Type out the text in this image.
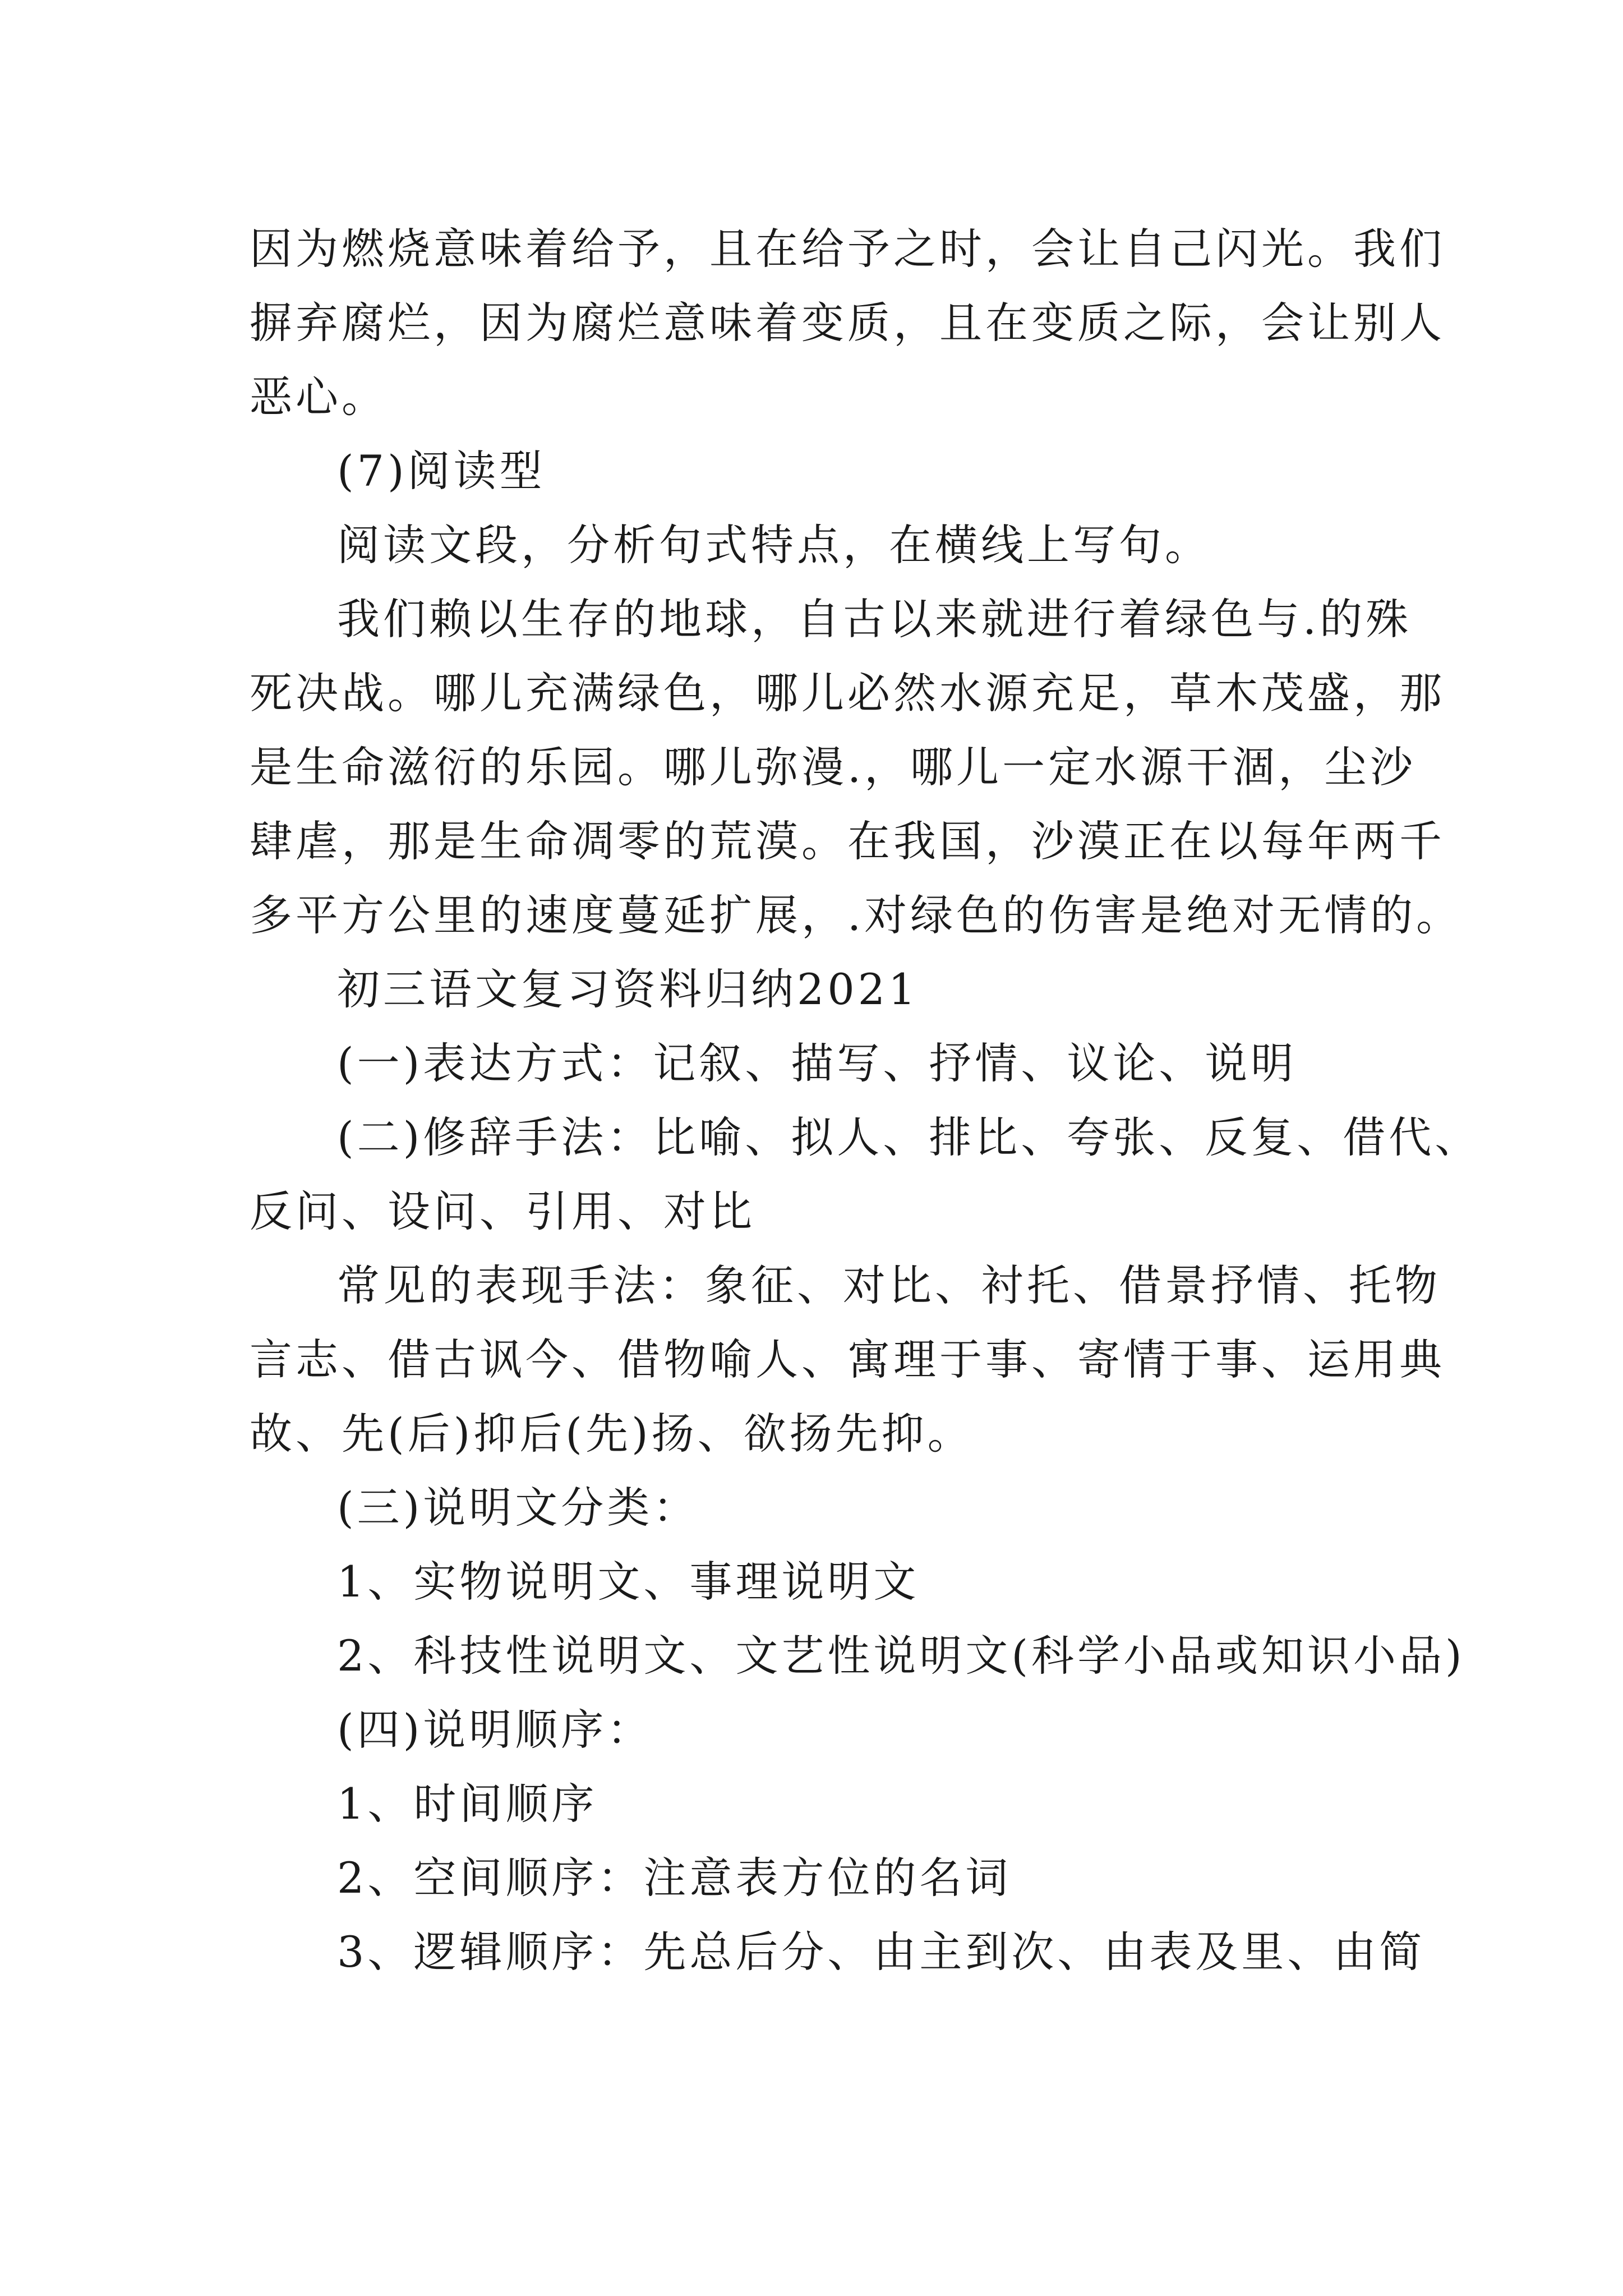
因为燃烧意味着给予，且在给予之时，会让自己闪光。我们
摒弃腐烂，因为腐烂意味着变质，且在变质之际，会让别人
恶心。
(7)阅读型
阅读文段，分析句式特点，在横线上写句。
我们赖以生存的地球，自古以来就进行着绿色与.的殊
死决战。哪儿充满绿色，哪儿必然水源充足，草木茂盛，那
是生命滋衍的乐园。哪儿弥漫.，哪儿一定水源干涸，尘沙
肆虐，那是生命凋零的荒漠。在我国，沙漠正在以每年两千
多平方公里的速度蔓延扩展，.对绿色的伤害是绝对无情的。
初三语文复习资料归纳2021
(一)表达方式：记叙、描写、抒情、议论、说明
(二)修辞手法：比喻、拟人、排比、夸张、反复、借代、
反问、设问、引用、对比
常见的表现手法：象征、对比、衬托、借景抒情、托物
言志、借古讽今、借物喻人、寓理于事、寄情于事、运用典
故、先(后)抑后(先)扬、欲扬先抑。
(三)说明文分类：
1、实物说明文、事理说明文
2、科技性说明文、文艺性说明文(科学小品或知识小品)
(四)说明顺序：
1、时间顺序
2、空间顺序：注意表方位的名词
3、逻辑顺序：先总后分、由主到次、由表及里、由简
